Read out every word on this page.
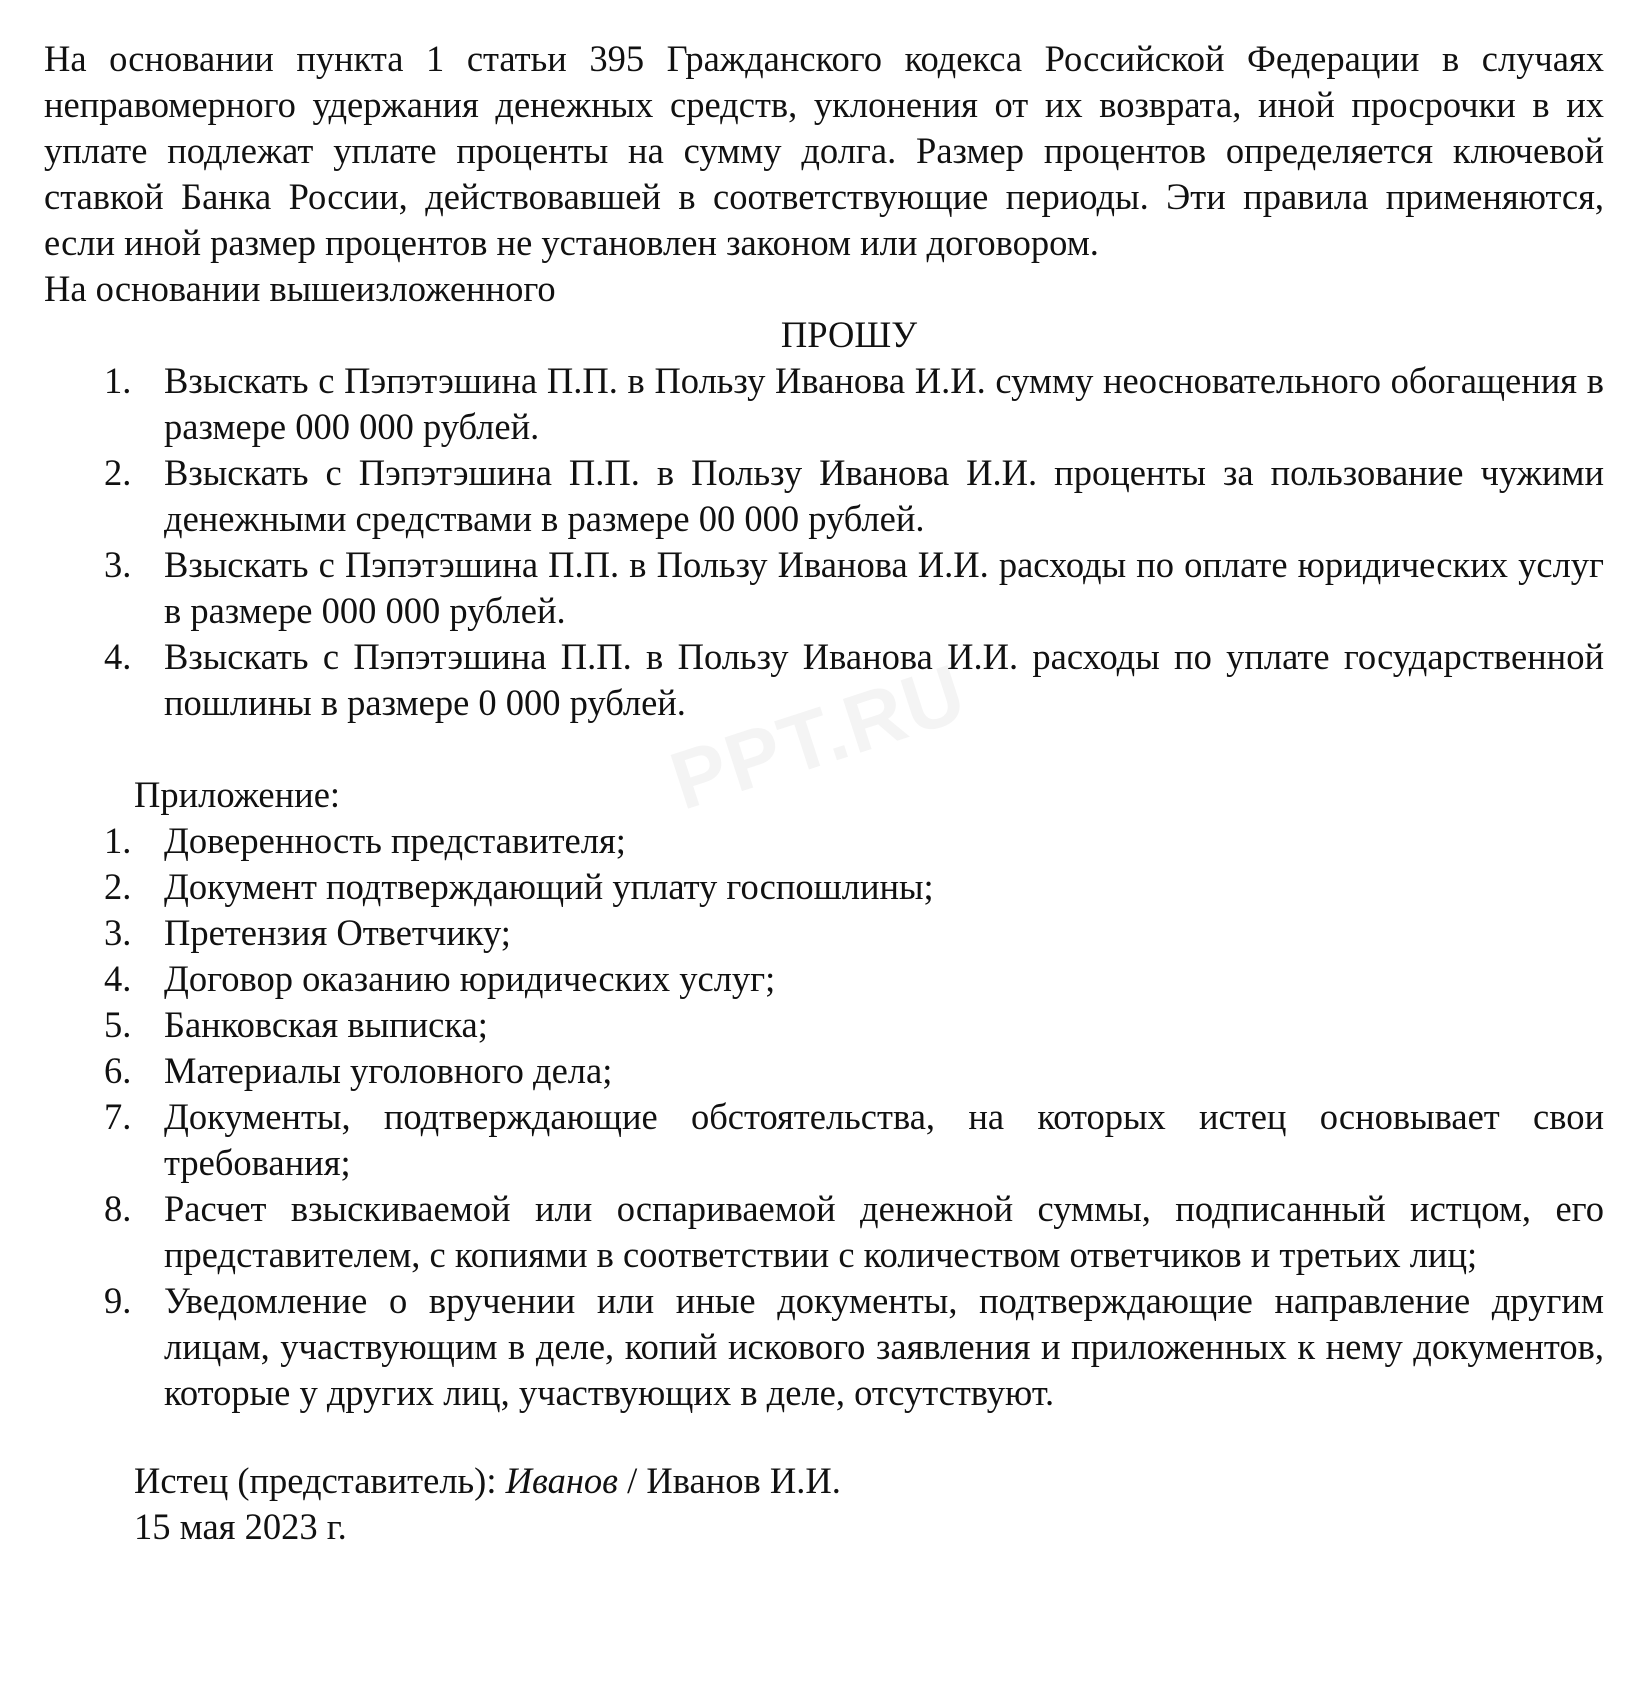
На основании пункта 1 статьи 395 Гражданского кодекса Российской Федерации в случаях неправомерного удержания денежных средств, уклонения от их возврата, иной просрочки в их уплате подлежат уплате проценты на сумму долга. Размер процентов определяется ключевой ставкой Банка России, действовавшей в соответствующие периоды. Эти правила применяются, если иной размер процентов не установлен законом или договором.

На основании вышеизложенного

ПРОШУ

1. Взыскать с Пэпэтэшина П.П. в Пользу Иванова И.И. сумму неосновательного обогащения в размере 000 000 рублей.
2. Взыскать с Пэпэтэшина П.П. в Пользу Иванова И.И. проценты за пользование чужими денежными средствами в размере 00 000 рублей.
3. Взыскать с Пэпэтэшина П.П. в Пользу Иванова И.И. расходы по оплате юридических услуг в размере 000 000 рублей.
4. Взыскать с Пэпэтэшина П.П. в Пользу Иванова И.И. расходы по уплате государственной пошлины в размере 0 000 рублей.

Приложение:

1. Доверенность представителя;
2. Документ подтверждающий уплату госпошлины;
3. Претензия Ответчику;
4. Договор оказанию юридических услуг;
5. Банковская выписка;
6. Материалы уголовного дела;
7. Документы, подтверждающие обстоятельства, на которых истец основывает свои требования;
8. Расчет взыскиваемой или оспариваемой денежной суммы, подписанный истцом, его представителем, с копиями в соответствии с количеством ответчиков и третьих лиц;
9. Уведомление о вручении или иные документы, подтверждающие направление другим лицам, участвующим в деле, копий искового заявления и приложенных к нему документов, которые у других лиц, участвующих в деле, отсутствуют.

Истец (представитель): Иванов / Иванов И.И.

15 мая 2023 г.

PPT.RU
